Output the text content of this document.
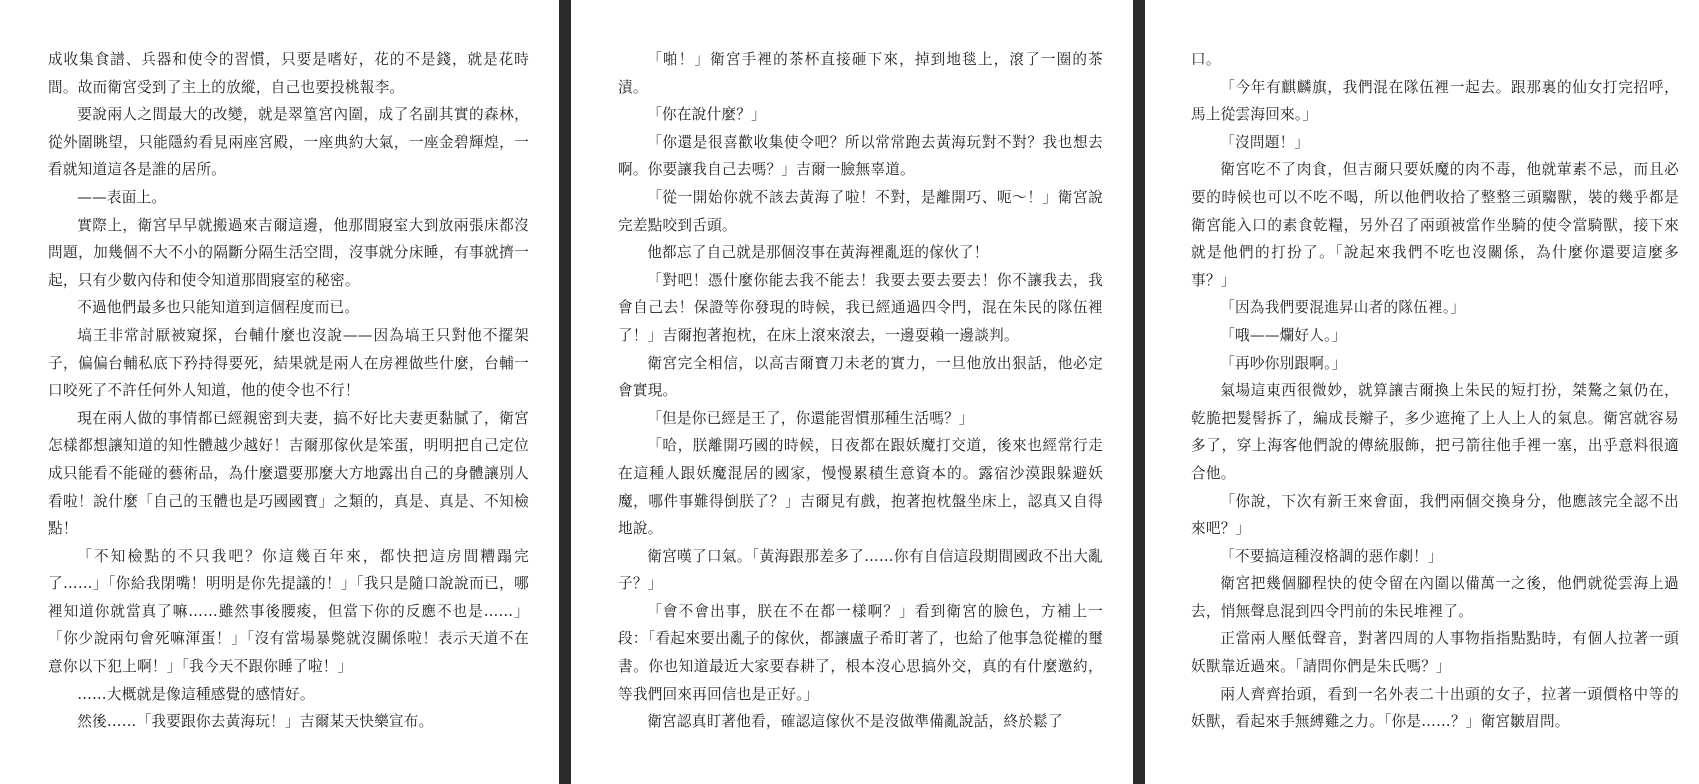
成收集食譜、兵器和使令的習慣，只要是嗜好，花的不是錢，就是花時間。故而衛宮受到了主上的放縱，自己也要投桃報李。

要說兩人之間最大的改變，就是翠篁宮內圍，成了名副其實的森林，從外圍眺望，只能隱約看見兩座宮殿，一座典約大氣，一座金碧輝煌，一看就知道這各是誰的居所。

——表面上。

實際上，衛宮早早就搬過來吉爾這邊，他那間寢室大到放兩張床都沒問題，加幾個不大不小的隔斷分隔生活空間，沒事就分床睡，有事就擠一起，只有少數內侍和使令知道那間寢室的秘密。

不過他們最多也只能知道到這個程度而已。

塙王非常討厭被窺探，台輔什麼也沒說——因為塙王只對他不擺架子，偏偏台輔私底下矜持得要死，結果就是兩人在房裡做些什麼，台輔一口咬死了不許任何外人知道，他的使令也不行！

現在兩人做的事情都已經親密到夫妻，搞不好比夫妻更黏膩了，衛宮怎樣都想讓知道的知性體越少越好！吉爾那傢伙是笨蛋，明明把自己定位成只能看不能碰的藝術品，為什麼還要那麼大方地露出自己的身體讓別人看啦！說什麼「自己的玉體也是巧國國寶」之類的，真是、真是、不知檢點！

「不知檢點的不只我吧？你這幾百年來，都快把這房間糟蹋完了……」「你給我閉嘴！明明是你先提議的！」「我只是隨口說說而已，哪裡知道你就當真了嘛……雖然事後腰痠，但當下你的反應不也是……」「你少說兩句會死嘛渾蛋！」「沒有當場暴斃就沒關係啦！表示天道不在意你以下犯上啊！」「我今天不跟你睡了啦！」

……大概就是像這種感覺的感情好。

然後……「我要跟你去黃海玩！」吉爾某天快樂宣布。

「啪！」衛宮手裡的茶杯直接砸下來，掉到地毯上，滾了一圈的茶漬。

「你在說什麼？」

「你還是很喜歡收集使令吧？所以常常跑去黃海玩對不對？我也想去啊。你要讓我自己去嗎？」吉爾一臉無辜道。

「從一開始你就不該去黃海了啦！不對，是離開巧、呃～！」衛宮說完差點咬到舌頭。

他都忘了自己就是那個沒事在黃海裡亂逛的傢伙了！

「對吧！憑什麼你能去我不能去！我要去要去要去！你不讓我去，我會自己去！保證等你發現的時候，我已經通過四令門，混在朱民的隊伍裡了！」吉爾抱著抱枕，在床上滾來滾去，一邊耍賴一邊談判。

衛宮完全相信，以高吉爾寶刀未老的實力，一旦他放出狠話，他必定會實現。

「但是你已經是王了，你還能習慣那種生活嗎？」

「哈，朕離開巧國的時候，日夜都在跟妖魔打交道，後來也經常行走在這種人跟妖魔混居的國家，慢慢累積生意資本的。露宿沙漠跟躲避妖魔，哪件事難得倒朕了？」吉爾見有戲，抱著抱枕盤坐床上，認真又自得地說。

衛宮嘆了口氣。「黃海跟那差多了……你有自信這段期間國政不出大亂子？」

「會不會出事，朕在不在都一樣啊？」看到衛宮的臉色，方補上一段：「看起來要出亂子的傢伙，都讓盧子希盯著了，也給了他事急從權的璽書。你也知道最近大家要春耕了，根本沒心思搞外交，真的有什麼邀約，等我們回來再回信也是正好。」

衛宮認真盯著他看，確認這傢伙不是沒做準備亂說話，終於鬆了

口。

「今年有麒麟旗，我們混在隊伍裡一起去。跟那裏的仙女打完招呼，馬上從雲海回來。」

「沒問題！」

衛宮吃不了肉食，但吉爾只要妖魔的肉不毒，他就葷素不忌，而且必要的時候也可以不吃不喝，所以他們收拾了整整三頭騶獸，裝的幾乎都是衛宮能入口的素食乾糧，另外召了兩頭被當作坐騎的使令當騎獸，接下來就是他們的打扮了。「說起來我們不吃也沒關係，為什麼你還要這麼多事？」

「因為我們要混進昇山者的隊伍裡。」

「哦——爛好人。」

「再吵你別跟啊。」

氣場這東西很微妙，就算讓吉爾換上朱民的短打扮，桀驁之氣仍在，乾脆把髮髻拆了，編成長辮子，多少遮掩了上人上人的氣息。衛宮就容易多了，穿上海客他們說的傳統服飾，把弓箭往他手裡一塞，出乎意料很適合他。

「你說，下次有新王來會面，我們兩個交換身分，他應該完全認不出來吧？」

「不要搞這種沒格調的惡作劇！」

衛宮把幾個腳程快的使令留在內圍以備萬一之後，他們就從雲海上過去，悄無聲息混到四令門前的朱民堆裡了。

正當兩人壓低聲音，對著四周的人事物指指點點時，有個人拉著一頭妖獸靠近過來。「請問你們是朱氏嗎？」

兩人齊齊抬頭，看到一名外表二十出頭的女子，拉著一頭價格中等的妖獸，看起來手無縛雞之力。「你是……？」衛宮皺眉問。
